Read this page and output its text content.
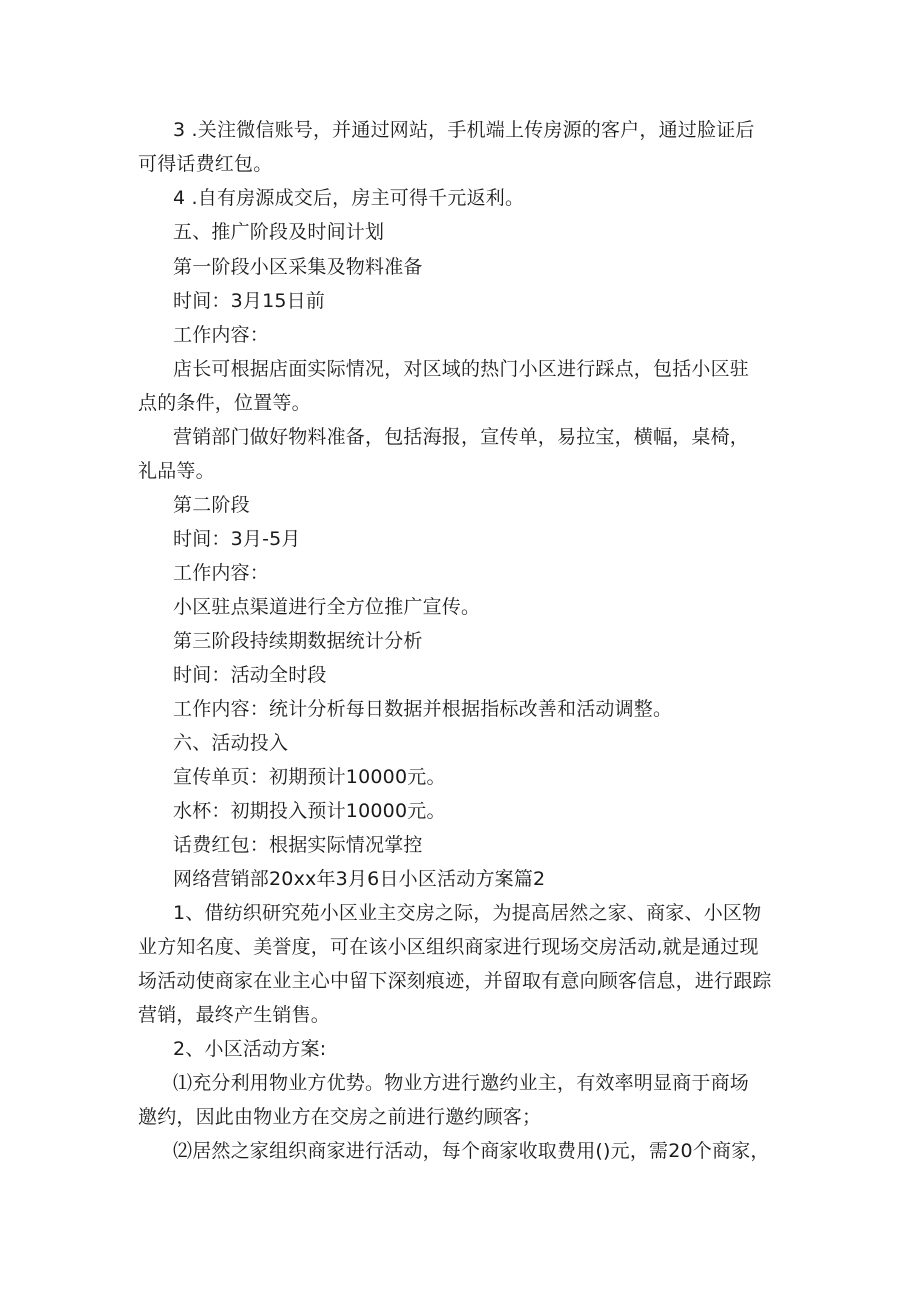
3 .关注微信账号，并通过网站，手机端上传房源的客户，通过脸证后
可得话费红包。
4 .自有房源成交后，房主可得千元返利。
五、推广阶段及时间计划
第一阶段小区采集及物料准备
时间：3月15日前
工作内容：
店长可根据店面实际情况，对区域的热门小区进行踩点，包括小区驻
点的条件，位置等。
营销部门做好物料准备，包括海报，宣传单，易拉宝，横幅，桌椅，
礼品等。
第二阶段
时间：3月-5月
工作内容：
小区驻点渠道进行全方位推广宣传。
第三阶段持续期数据统计分析
时间：活动全时段
工作内容：统计分析每日数据并根据指标改善和活动调整。
六、活动投入
宣传单页：初期预计10000元。
水杯：初期投入预计10000元。
话费红包：根据实际情况掌控
网络营销部20xx年3月6日小区活动方案篇2
1、借纺织研究苑小区业主交房之际，为提高居然之家、商家、小区物
业方知名度、美誉度，可在该小区组织商家进行现场交房活动,就是通过现
场活动使商家在业主心中留下深刻痕迹，并留取有意向顾客信息，进行跟踪
营销，最终产生销售。
2、小区活动方案:
⑴充分利用物业方优势。物业方进行邀约业主，有效率明显商于商场
邀约，因此由物业方在交房之前进行邀约顾客；
⑵居然之家组织商家进行活动，每个商家收取费用()元，需20个商家，
